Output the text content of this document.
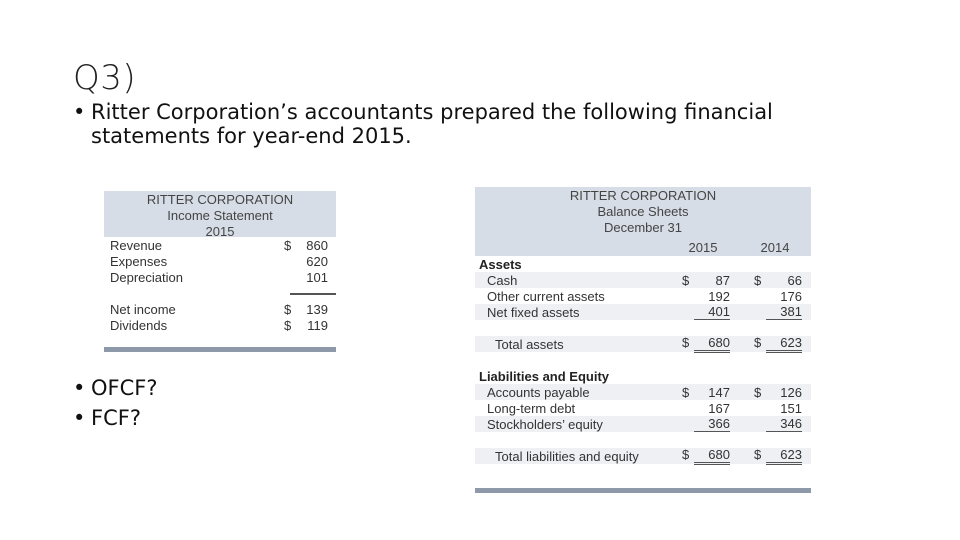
Q3)
• Ritter Corporation’s accountants prepared the following financial
statements for year-end 2015.
• OFCF?
• FCF?
RITTER CORPORATION
Income Statement
2015
Revenue	$	860
Expenses	620
Depreciation	101
Net income	$	139
Dividends	$	119
RITTER CORPORATION
Balance Sheets
December 31
2015	2014
Assets
Cash	$	87 $	66
Other current assets	192	176
Net fixed assets	401	381
Total assets	$	680 $	623
Liabilities and Equity
Accounts payable	$	147 $	126
Long-term debt	167	151
Stockholders’ equity	366	346
Total liabilities and equity	$	680 $	623
